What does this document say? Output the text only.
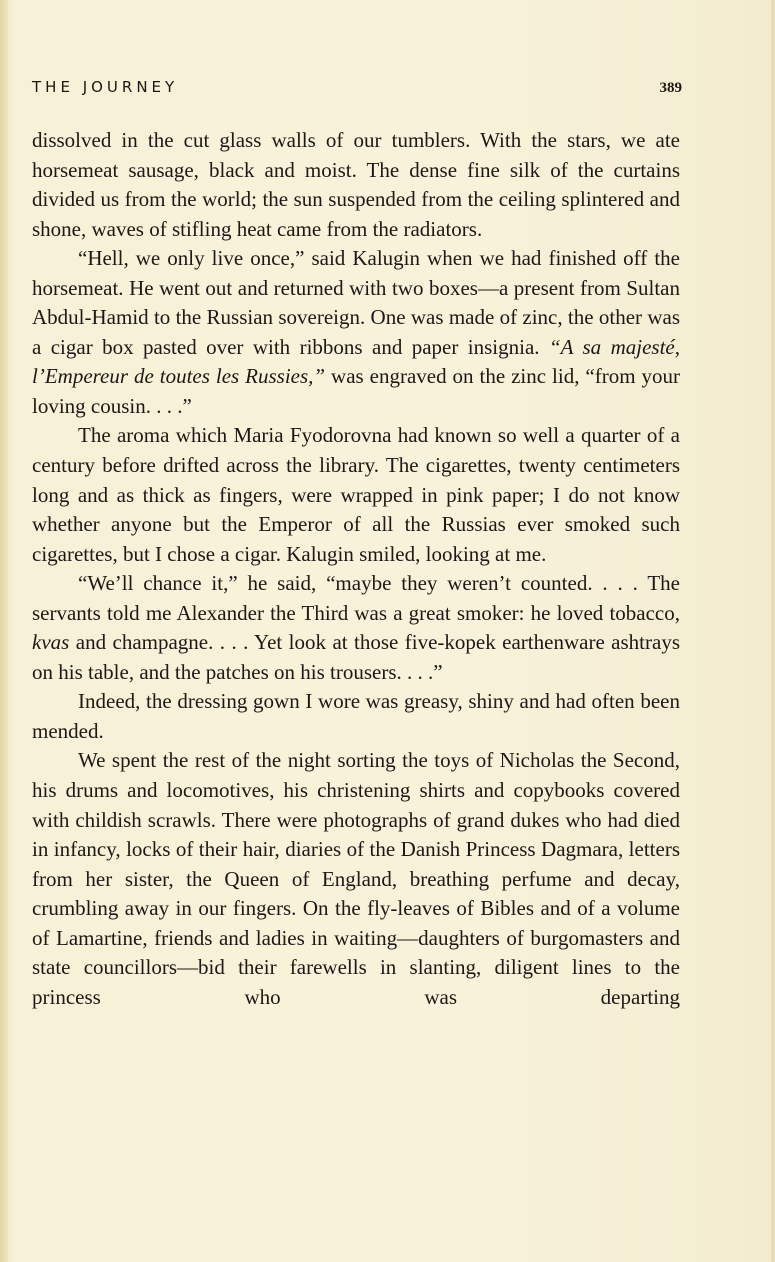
THE JOURNEY	389

dissolved in the cut glass walls of our tumblers. With the stars, we ate horsemeat sausage, black and moist. The dense fine silk of the curtains divided us from the world; the sun suspended from the ceiling splintered and shone, waves of stifling heat came from the radiators.

“Hell, we only live once,” said Kalugin when we had finished off the horsemeat. He went out and returned with two boxes—a present from Sultan Abdul-Hamid to the Russian sovereign. One was made of zinc, the other was a cigar box pasted over with ribbons and paper insignia. “A sa majesté, l’Empereur de toutes les Russies,” was engraved on the zinc lid, “from your loving cousin. . . .”

The aroma which Maria Fyodorovna had known so well a quarter of a century before drifted across the library. The cigarettes, twenty centimeters long and as thick as fingers, were wrapped in pink paper; I do not know whether anyone but the Emperor of all the Russias ever smoked such cigarettes, but I chose a cigar. Kalugin smiled, looking at me.

“We’ll chance it,” he said, “maybe they weren’t counted. . . . The servants told me Alexander the Third was a great smoker: he loved tobacco, kvas and champagne. . . . Yet look at those five-kopek earthenware ashtrays on his table, and the patches on his trousers. . . .”

Indeed, the dressing gown I wore was greasy, shiny and had often been mended.

We spent the rest of the night sorting the toys of Nicholas the Second, his drums and locomotives, his christening shirts and copybooks covered with childish scrawls. There were photographs of grand dukes who had died in infancy, locks of their hair, diaries of the Danish Princess Dagmara, letters from her sister, the Queen of England, breathing perfume and decay, crumbling away in our fingers. On the fly-leaves of Bibles and of a volume of Lamartine, friends and ladies in waiting—daughters of burgomasters and state councillors—bid their farewells in slanting, diligent lines to the princess who was departing
